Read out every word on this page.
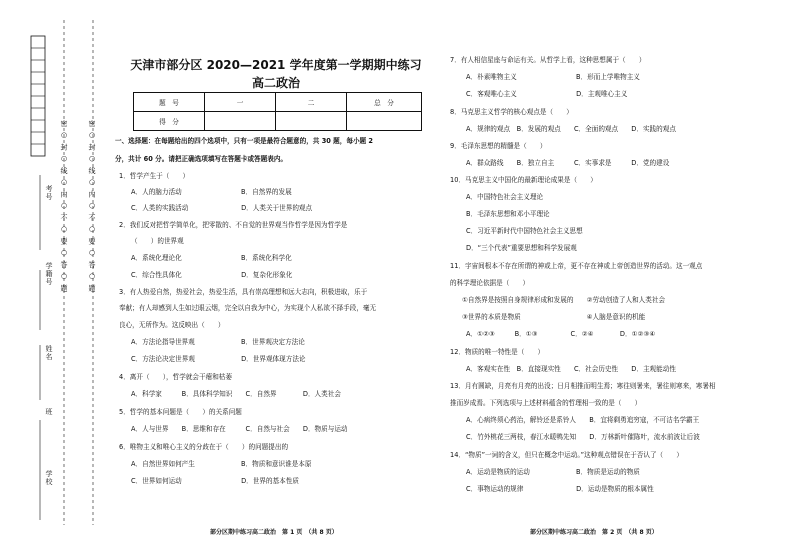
密 ○ 封 ○ 线 ○ 内 ○ 不 ○ 要 ○ 答 ○ 题	密 ○ 封 ○ 线 ○ 内 ○ 不 ○ 要 ○ 答 ○ 题
考号
学籍号
姓名
班
学校
天津市部分区 2020—2021 学年度第一学期期中练习
高二政治
题　号	一	二	总　分
得　分			
一、选择题：在每题给出的四个选项中，只有一项是最符合题意的，共 30 题，每小题 2
分，共计 60 分。请把正确选项填写在答题卡或答题表内。
1．哲学产生于（　　）
A．人的脑力活动　　　　　　　　　B．自然界的发展
C．人类的实践活动　　　　　　　　D．人类关于世界的观点
2．我们反对把哲学简单化，把零散的、不自觉的世界观当作哲学是因为哲学是
（　　）的世界观
A．系统化理论化　　　　　　　　　B．系统化科学化
C．综合性具体化　　　　　　　　　D．复杂化形象化
3．有人热爱自然，热爱社会，热爱生活，具有崇高理想和远大志向，积极进取，乐于
奉献；有人却感到人生如过眼云烟，完全以自我为中心，为实现个人私欲不择手段，毫无
良心，无所作为。这反映出（　　）
A．方法论指导世界观　　　　　　　B．世界观决定方法论
C．方法论决定世界观　　　　　　　D．世界观体现方法论
4．离开（　　），哲学就会干瘪和枯萎
A．科学家　　　B．具体科学知识　　C．自然界　　　　D．人类社会
5．哲学的基本问题是（　　）的关系问题
A．人与世界　　B．思维和存在　　　C．自然与社会　　D．物质与运动
6．唯物主义和唯心主义的分歧在于（　　）的问题提出的
A．自然世界如何产生　　　　　　　B．物质和意识谁是本原
C．世界如何运动　　　　　　　　　D．世界的基本性质
7．有人相信星座与命运有关。从哲学上看，这种思想属于（　　）
A．朴素唯物主义　　　　　　　　　B．形而上学唯物主义
C．客观唯心主义　　　　　　　　　D．主观唯心主义
8．马克思主义哲学的核心观点是（　　）
A．规律的观点　B．发展的观点　　C．全面的观点　　D．实践的观点
9．毛泽东思想的精髓是（　　）
A．群众路线　　B．独立自主　　　C．实事求是　　　D．党的建设
10．马克思主义中国化的最新理论成果是（　　）
A．中国特色社会主义理论
B．毛泽东思想和邓小平理论
C．习近平新时代中国特色社会主义思想
D．“三个代表”重要思想和科学发展观
11．宇宙间根本不存在所谓的神或上帝，更不存在神或上帝创造世界的活动。这一观点
的科学理论依据是（　　）
①自然界是按照自身规律形成和发展的　　②劳动创造了人和人类社会
③世界的本质是物质　　　　　　　　　　④人脑是意识的机能
A．①②③　　　B．①③　　　　　C．②④　　　　D．①②③④
12．物质的唯一特性是（　　）
A．客观实在性　B．直接现实性　　C．社会历史性　　D．主观能动性
13．月有圆缺，月亮有月亮的出没；日月相推而明生焉；寒往则暑来，暑往则寒来，寒暑相
推而岁成焉。下列选项与上述材料蕴含的哲理相一致的是（　　）
A．心病终须心药治，解铃还是系铃人　　B．宜将剩勇追穷寇，不可沽名学霸王
C．竹外桃花三两枝，春江水暖鸭先知　　D．万林新叶催陈叶，流水前波让后波
14．“物质”一词的含义，但只在概念中运动。”这种观点错误在于否认了（　　）
A．运动是物质的运动　　　　　　　B．物质是运动的物质
C．事物运动的规律　　　　　　　　D．运动是物质的根本属性
部分区期中练习高二政治　第 1 页　（共 8 页）	部分区期中练习高二政治　第 2 页　（共 8 页）
